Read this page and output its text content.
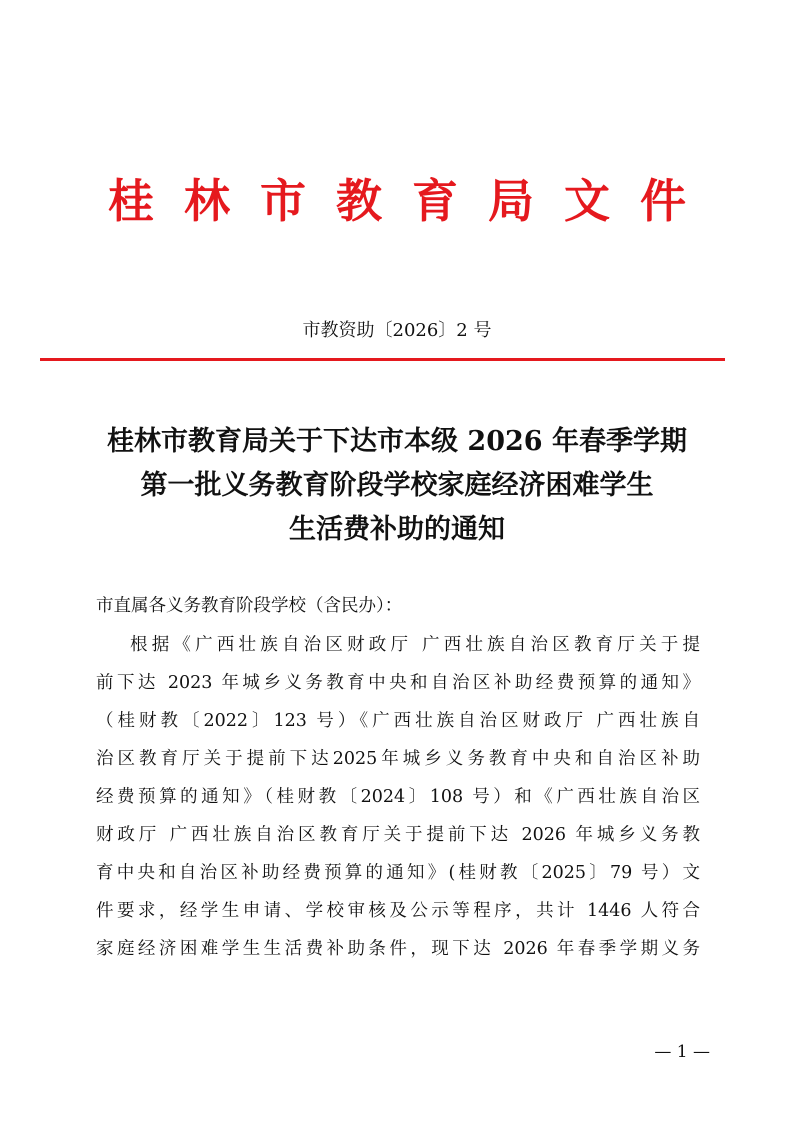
桂林市教育局文件
市教资助〔2026〕2 号
桂林市教育局关于下达市本级 2026 年春季学期
第一批义务教育阶段学校家庭经济困难学生
生活费补助的通知
市直属各义务教育阶段学校（含民办）：
根据《广西壮族自治区财政厅 广西壮族自治区教育厅关于提
前下达 2023 年城乡义务教育中央和自治区补助经费预算的通知》
（桂财教〔2022〕123 号）《广西壮族自治区财政厅 广西壮族自
治区教育厅关于提前下达2025年城乡义务教育中央和自治区补助
经费预算的通知》（桂财教〔2024〕108 号）和《广西壮族自治区
财政厅 广西壮族自治区教育厅关于提前下达 2026 年城乡义务教
育中央和自治区补助经费预算的通知》(桂财教〔2025〕79 号）文
件要求，经学生申请、学校审核及公示等程序，共计 1446 人符合
家庭经济困难学生生活费补助条件，现下达 2026 年春季学期义务
— 1 —
